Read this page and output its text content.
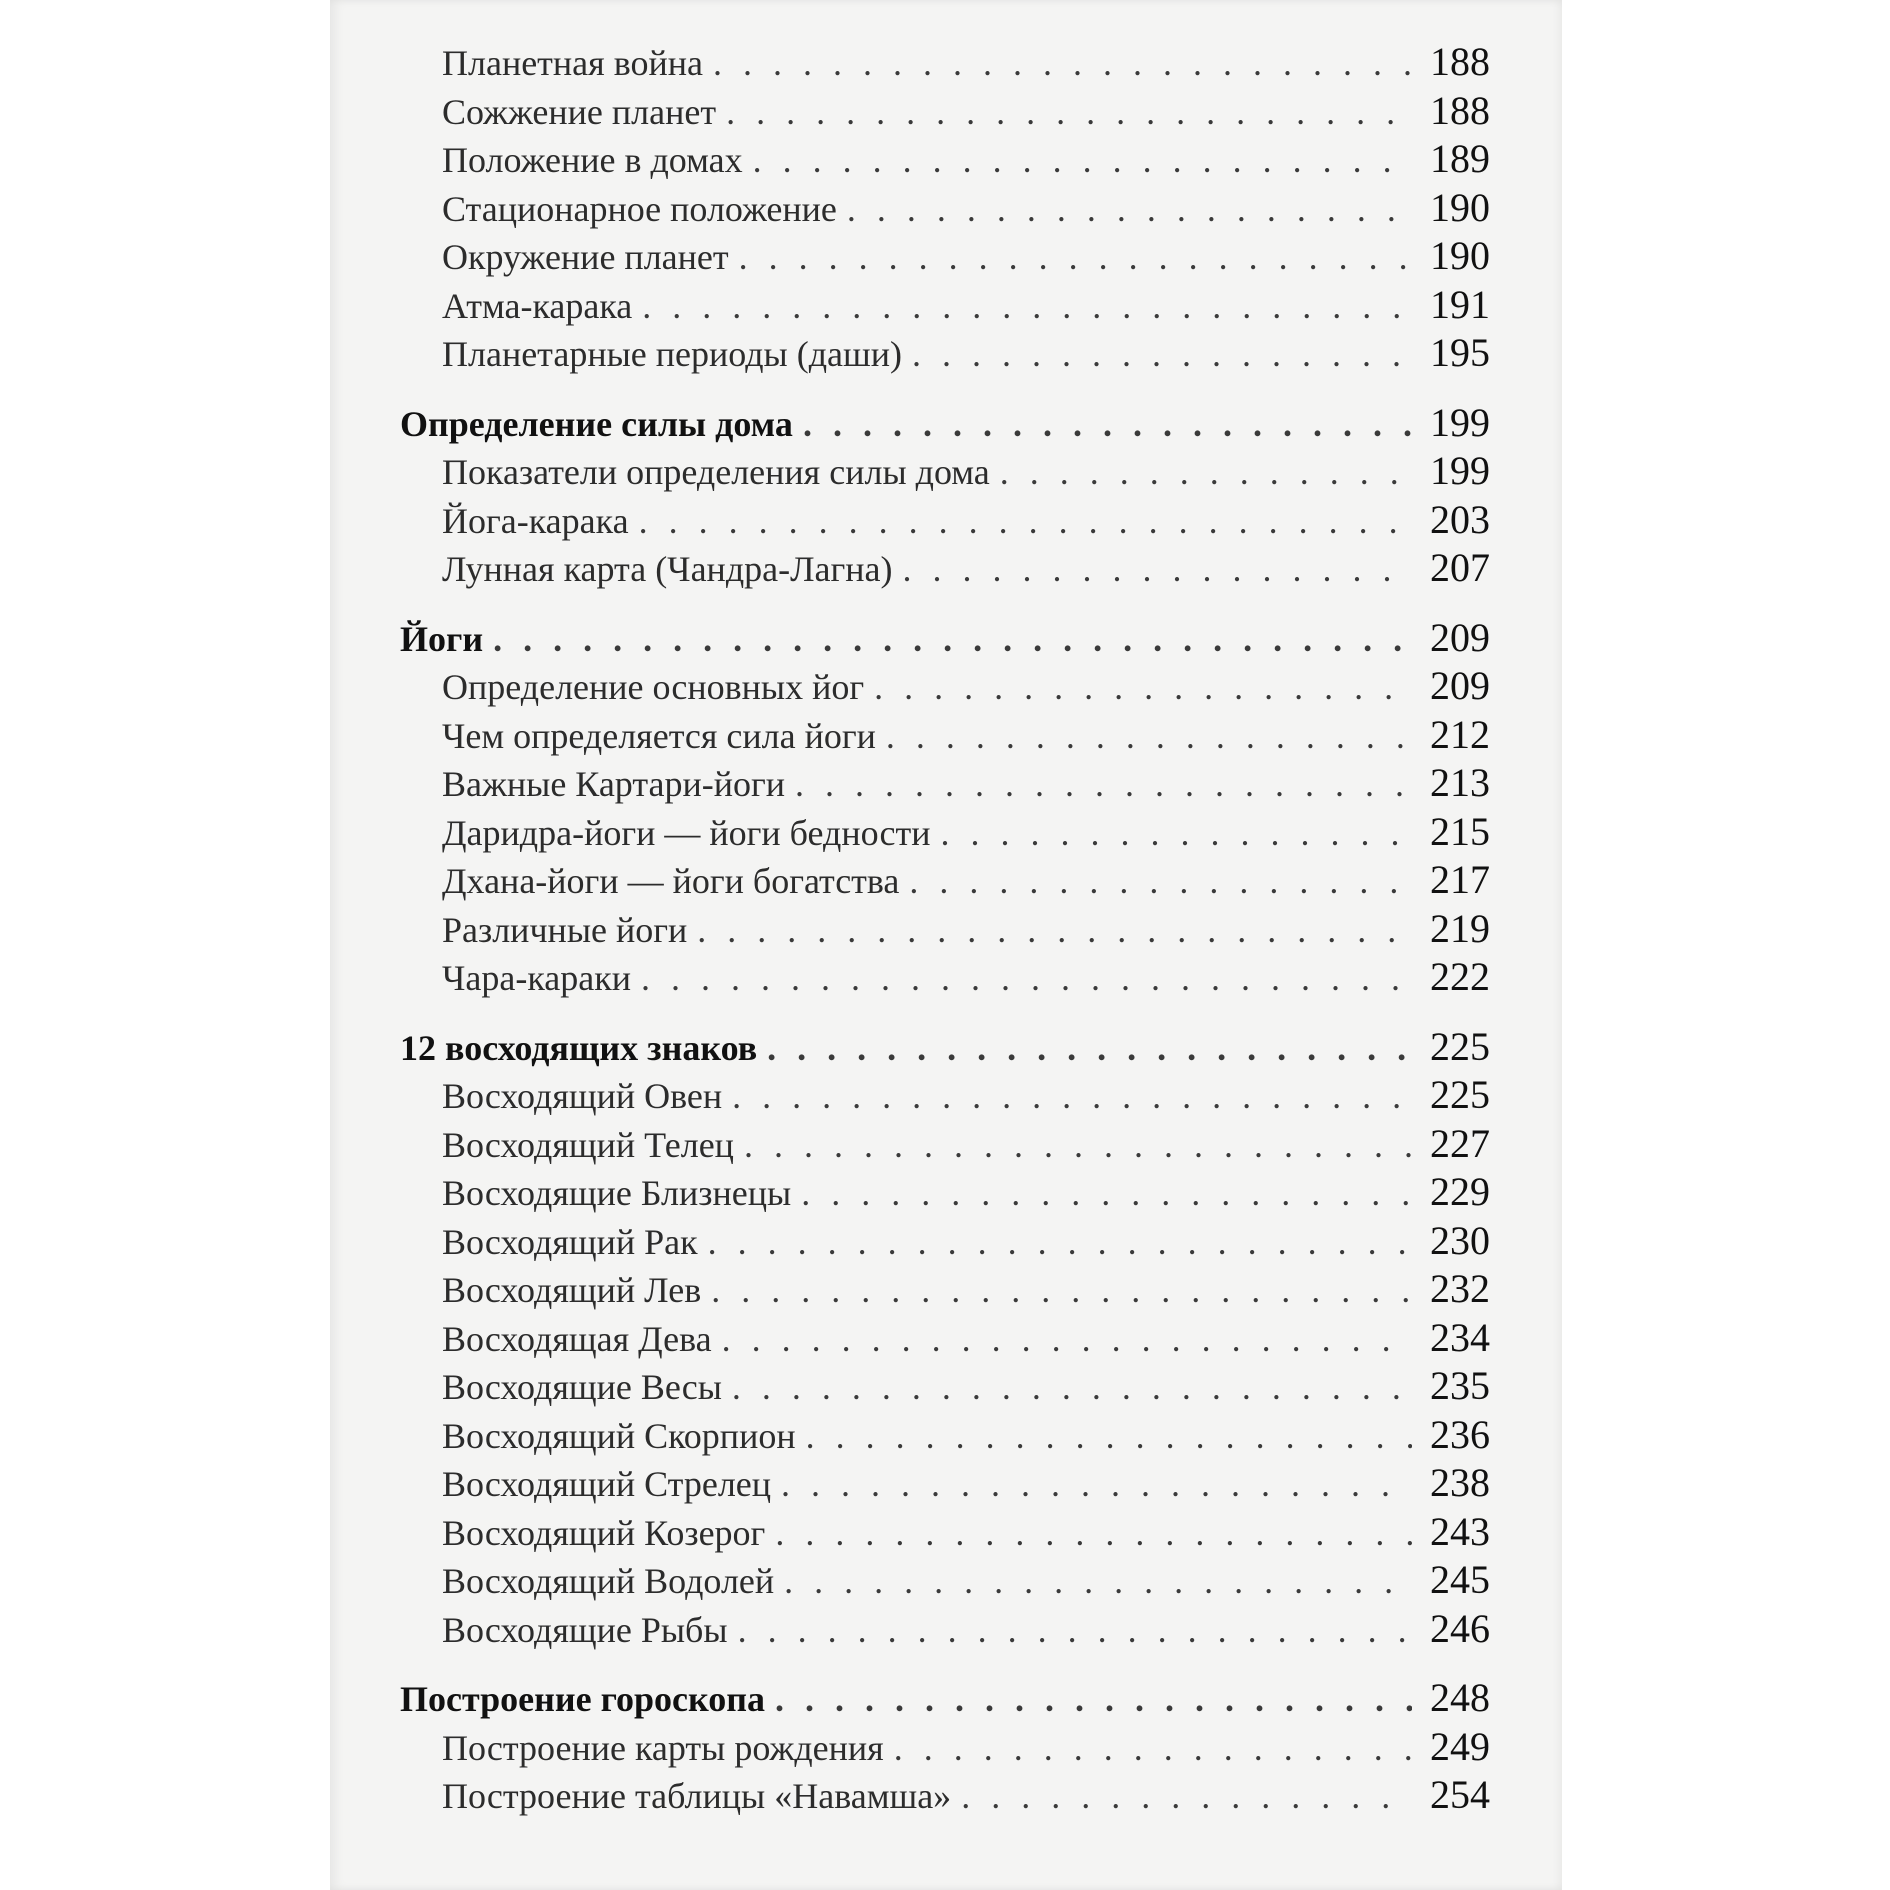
Планетная война . . .	188
Сожжение планет . . .	188
Положение в домах . . .	189
Стационарное положение . . .	190
Окружение планет . . .	190
Атма-карака . . .	191
Планетарные периоды (даши) . . .	195
Определение силы дома . . .	199
Показатели определения силы дома . . .	199
Йога-карака . . .	203
Лунная карта (Чандра-Лагна) . . .	207
Йоги . . .	209
Определение основных йог . . .	209
Чем определяется сила йоги . . .	212
Важные Картари-йоги . . .	213
Даридра-йоги — йоги бедности . . .	215
Дхана-йоги — йоги богатства . . .	217
Различные йоги . . .	219
Чара-караки . . .	222
12 восходящих знаков . . .	225
Восходящий Овен . . .	225
Восходящий Телец . . .	227
Восходящие Близнецы . . .	229
Восходящий Рак . . .	230
Восходящий Лев . . .	232
Восходящая Дева . . .	234
Восходящие Весы . . .	235
Восходящий Скорпион . . .	236
Восходящий Стрелец . . .	238
Восходящий Козерог . . .	243
Восходящий Водолей . . .	245
Восходящие Рыбы . . .	246
Построение гороскопа . . .	248
Построение карты рождения . . .	249
Построение таблицы «Навамша» . . .	254
